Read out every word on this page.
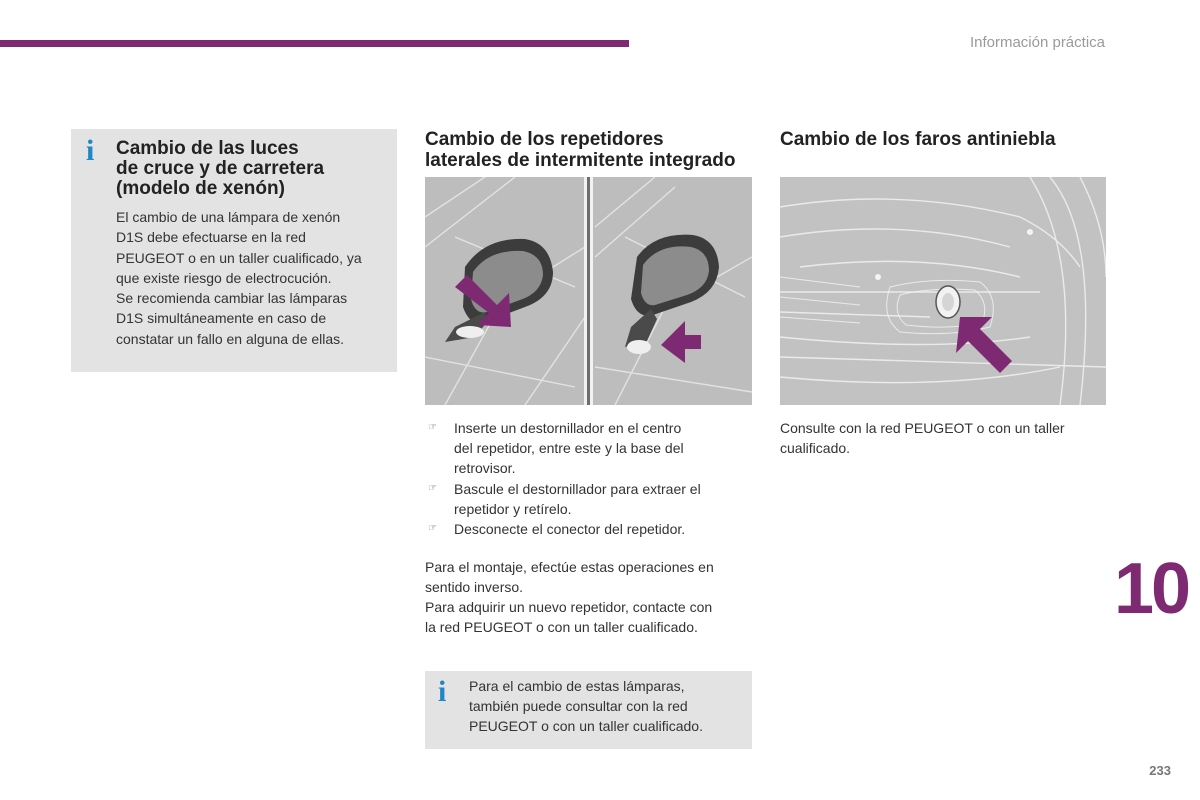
Información práctica
i Cambio de las luces
de cruce y de carretera
(modelo de xenón)
El cambio de una lámpara de xenón
D1S debe efectuarse en la red
PEUGEOT o en un taller cualificado, ya
que existe riesgo de electrocución.
Se recomienda cambiar las lámparas
D1S simultáneamente en caso de
constatar un fallo en alguna de ellas.
Cambio de los repetidores
laterales de intermitente integrado
☞ Inserte un destornillador en el centro
del repetidor, entre este y la base del
retrovisor.
☞ Bascule el destornillador para extraer el
repetidor y retírelo.
☞ Desconecte el conector del repetidor.
Para el montaje, efectúe estas operaciones en
sentido inverso.
Para adquirir un nuevo repetidor, contacte con
la red PEUGEOT o con un taller cualificado.
i Para el cambio de estas lámparas,
también puede consultar con la red
PEUGEOT o con un taller cualificado.
Cambio de los faros antiniebla
Consulte con la red PEUGEOT o con un taller
cualificado.
10
233
